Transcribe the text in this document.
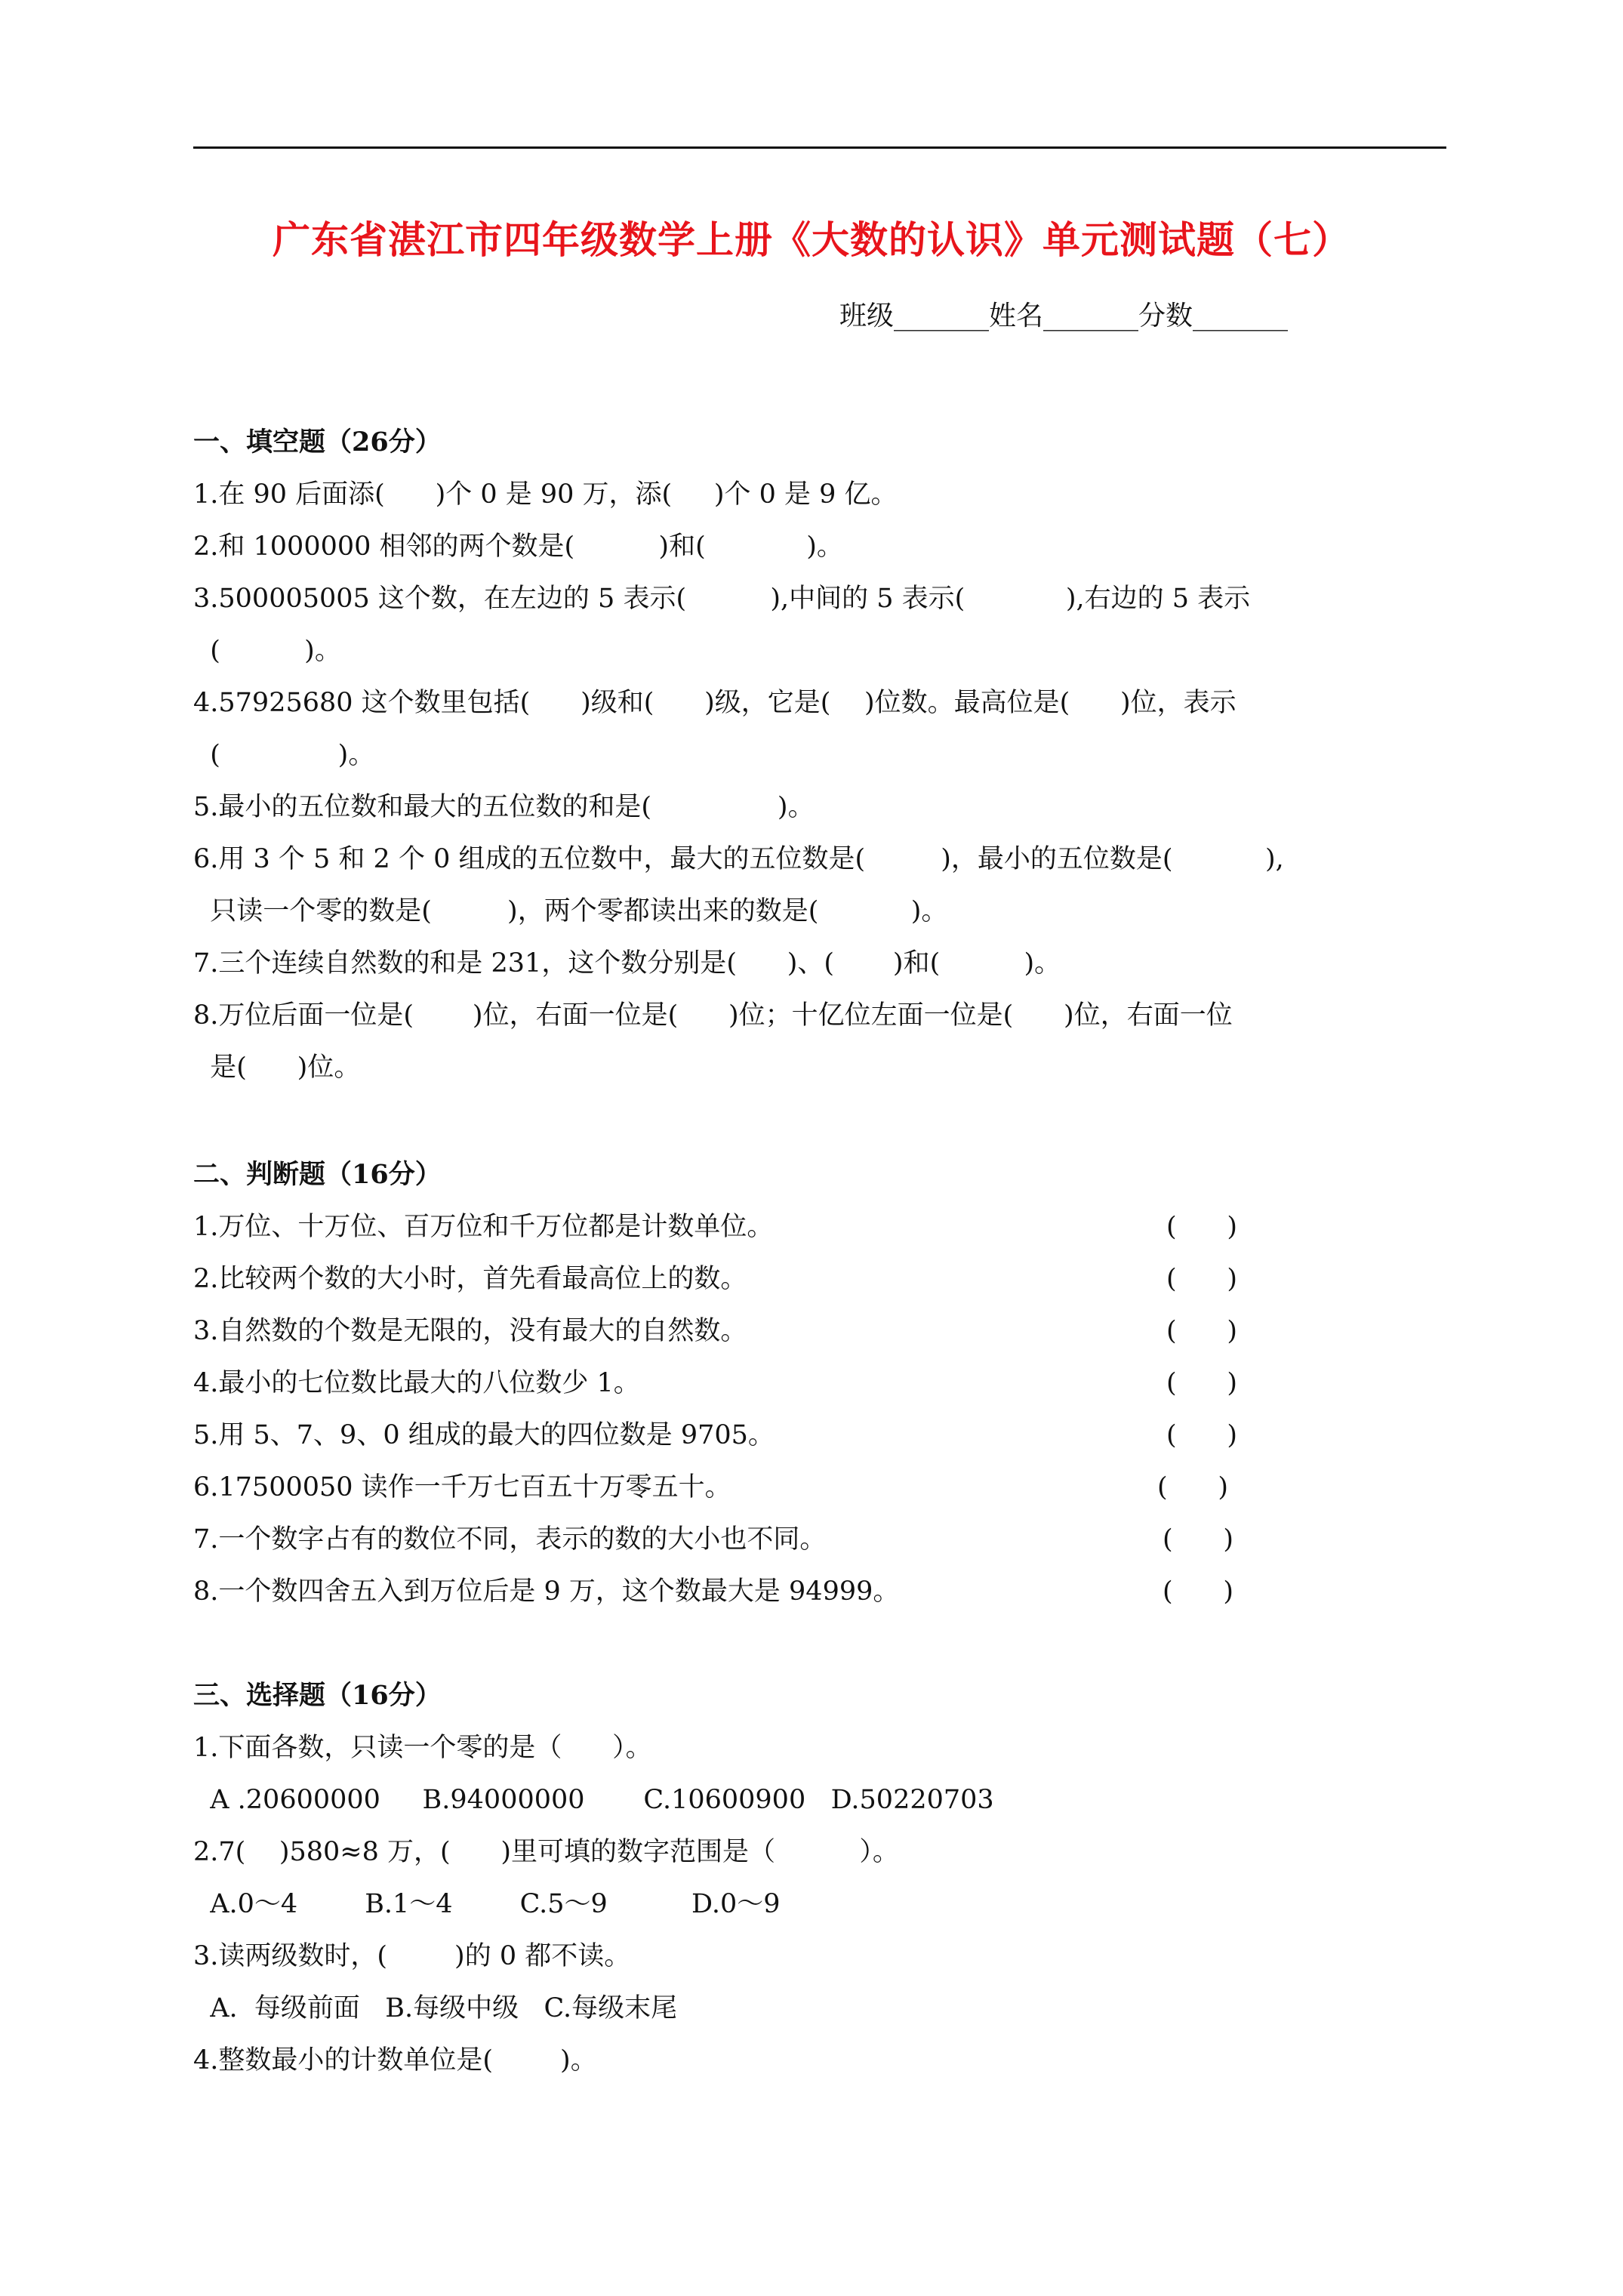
广东省湛江市四年级数学上册《大数的认识》单元测试题（七）
班级_______姓名_______分数_______
一、填空题（26分）
1.在 90 后面添(      )个 0 是 90 万，添(     )个 0 是 9 亿。
2.和 1000000 相邻的两个数是(          )和(            )。
3.500005005 这个数，在左边的 5 表示(          ),中间的 5 表示(            ),右边的 5 表示
(          )。
4.57925680 这个数里包括(      )级和(      )级，它是(    )位数。最高位是(      )位，表示
(              )。
5.最小的五位数和最大的五位数的和是(               )。
6.用 3 个 5 和 2 个 0 组成的五位数中，最大的五位数是(         )，最小的五位数是(           ),
只读一个零的数是(         )，两个零都读出来的数是(           )。
7.三个连续自然数的和是 231，这个数分别是(      )、(       )和(          )。
8.万位后面一位是(       )位，右面一位是(      )位；十亿位左面一位是(      )位，右面一位
是(      )位。
二、判断题（16分）
1.万位、十万位、百万位和千万位都是计数单位。	(      )
2.比较两个数的大小时，首先看最高位上的数。	(      )
3.自然数的个数是无限的，没有最大的自然数。	(      )
4.最小的七位数比最大的八位数少 1。	(      )
5.用 5、7、9、0 组成的最大的四位数是 9705。	(      )
6.17500050 读作一千万七百五十万零五十。	(      )
7.一个数字占有的数位不同，表示的数的大小也不同。	(      )
8.一个数四舍五入到万位后是 9 万，这个数最大是 94999。	(      )
三、选择题（16分）
1.下面各数，只读一个零的是（      ）。
A .20600000     B.94000000       C.10600900   D.50220703
2.7(    )580≈8 万，(      )里可填的数字范围是（          ）。
A.0～4        B.1～4        C.5～9          D.0～9
3.读两级数时，(        )的 0 都不读。
A.  每级前面   B.每级中级   C.每级末尾
4.整数最小的计数单位是(        )。
